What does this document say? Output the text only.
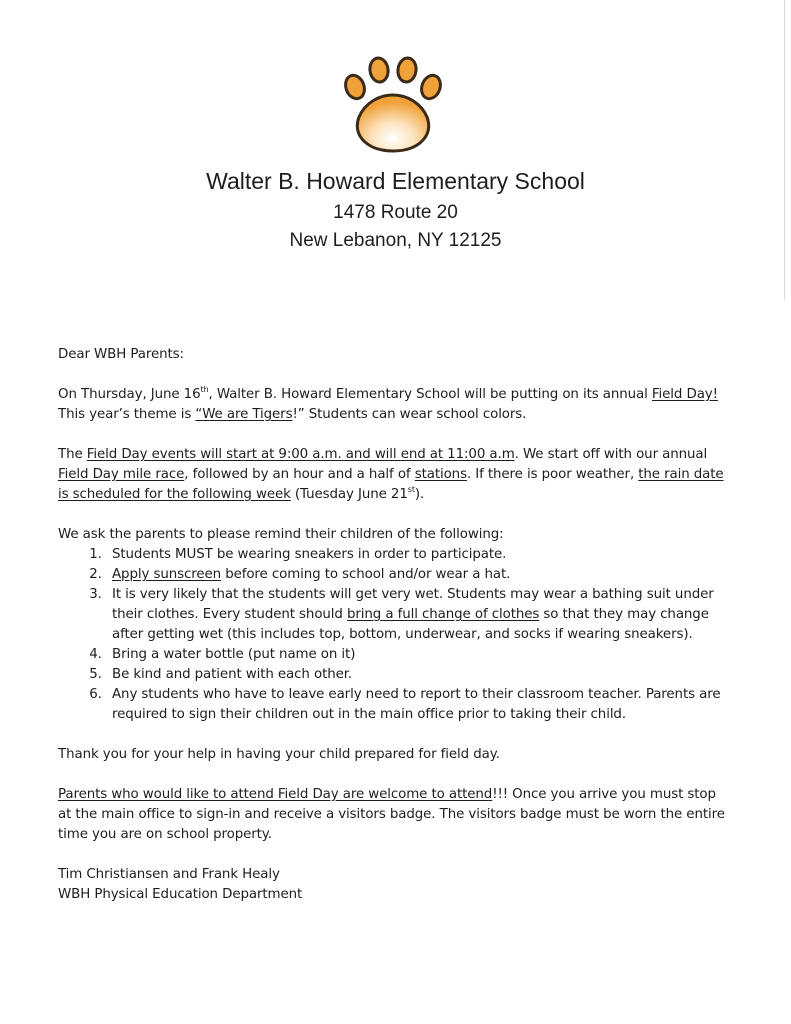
Walter B. Howard Elementary School
1478 Route 20
New Lebanon, NY 12125

Dear WBH Parents:

On Thursday, June 16th, Walter B. Howard Elementary School will be putting on its annual Field Day! This year’s theme is “We are Tigers!” Students can wear school colors.

The Field Day events will start at 9:00 a.m. and will end at 11:00 a.m. We start off with our annual Field Day mile race, followed by an hour and a half of stations. If there is poor weather, the rain date is scheduled for the following week (Tuesday June 21st).

We ask the parents to please remind their children of the following:

1. Students MUST be wearing sneakers in order to participate.
2. Apply sunscreen before coming to school and/or wear a hat.
3. It is very likely that the students will get very wet. Students may wear a bathing suit under their clothes. Every student should bring a full change of clothes so that they may change after getting wet (this includes top, bottom, underwear, and socks if wearing sneakers).
4. Bring a water bottle (put name on it)
5. Be kind and patient with each other.
6. Any students who have to leave early need to report to their classroom teacher. Parents are required to sign their children out in the main office prior to taking their child.

Thank you for your help in having your child prepared for field day.

Parents who would like to attend Field Day are welcome to attend!!! Once you arrive you must stop at the main office to sign-in and receive a visitors badge. The visitors badge must be worn the entire time you are on school property.

Tim Christiansen and Frank Healy

WBH Physical Education Department
